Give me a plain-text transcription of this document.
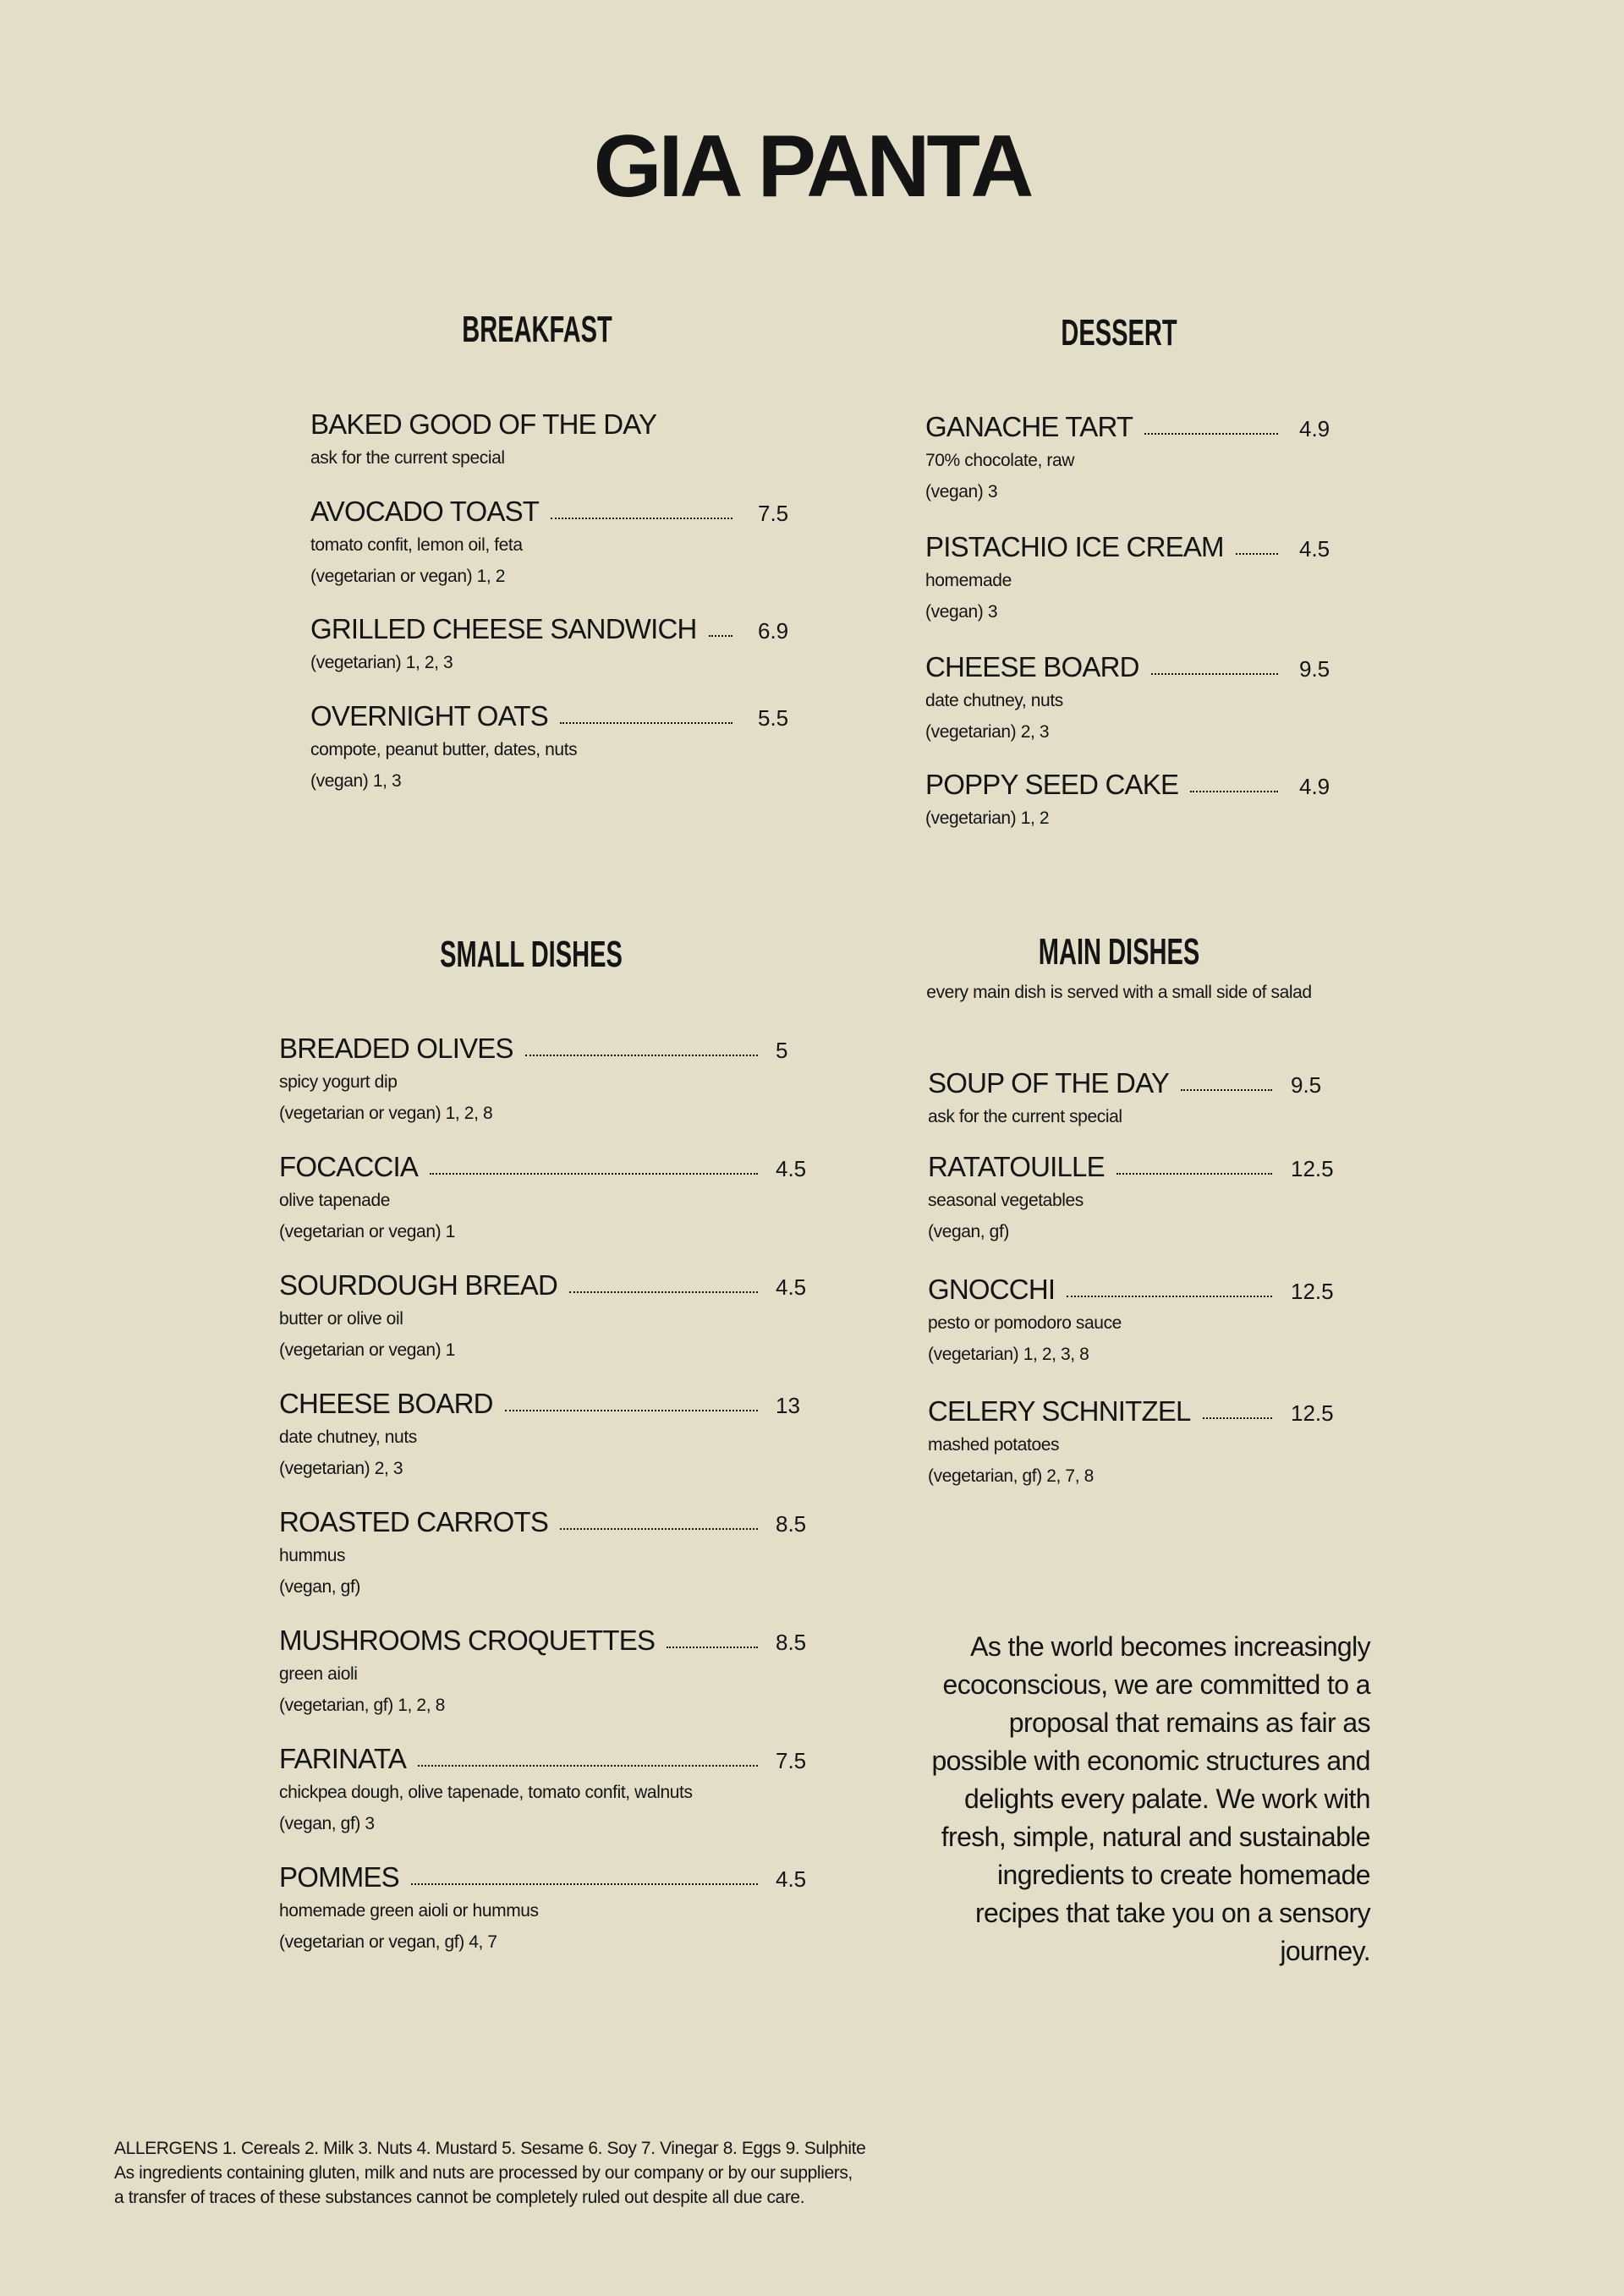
GIA PANTA
BREAKFAST
BAKED GOOD OF THE DAY
ask for the current special
AVOCADO TOAST	7.5
tomato confit, lemon oil, feta
(vegetarian or vegan) 1, 2
GRILLED CHEESE SANDWICH	6.9
(vegetarian) 1, 2, 3
OVERNIGHT OATS	5.5
compote, peanut butter, dates, nuts
(vegan) 1, 3
DESSERT
GANACHE TART	4.9
70% chocolate, raw
(vegan) 3
PISTACHIO ICE CREAM	4.5
homemade
(vegan) 3
CHEESE BOARD	9.5
date chutney, nuts
(vegetarian) 2, 3
POPPY SEED CAKE	4.9
(vegetarian) 1, 2
SMALL DISHES
BREADED OLIVES	5
spicy yogurt dip
(vegetarian or vegan) 1, 2, 8
FOCACCIA	4.5
olive tapenade
(vegetarian or vegan) 1
SOURDOUGH BREAD	4.5
butter or olive oil
(vegetarian or vegan) 1
CHEESE BOARD	13
date chutney, nuts
(vegetarian) 2, 3
ROASTED CARROTS	8.5
hummus
(vegan, gf)
MUSHROOMS CROQUETTES	8.5
green aioli
(vegetarian, gf) 1, 2, 8
FARINATA	7.5
chickpea dough, olive tapenade, tomato confit, walnuts
(vegan, gf) 3
POMMES	4.5
homemade green aioli or hummus
(vegetarian or vegan, gf) 4, 7
MAIN DISHES
every main dish is served with a small side of salad
SOUP OF THE DAY	9.5
ask for the current special
RATATOUILLE	12.5
seasonal vegetables
(vegan, gf)
GNOCCHI	12.5
pesto or pomodoro sauce
(vegetarian) 1, 2, 3, 8
CELERY SCHNITZEL	12.5
mashed potatoes
(vegetarian, gf) 2, 7, 8

As the world becomes increasingly ecoconscious, we are committed to a proposal that remains as fair as possible with economic structures and delights every palate. We work with fresh, simple, natural and sustainable ingredients to create homemade recipes that take you on a sensory journey.

ALLERGENS 1. Cereals 2. Milk 3. Nuts 4. Mustard 5. Sesame 6. Soy 7. Vinegar 8. Eggs 9. Sulphite
As ingredients containing gluten, milk and nuts are processed by our company or by our suppliers,
a transfer of traces of these substances cannot be completely ruled out despite all due care.
